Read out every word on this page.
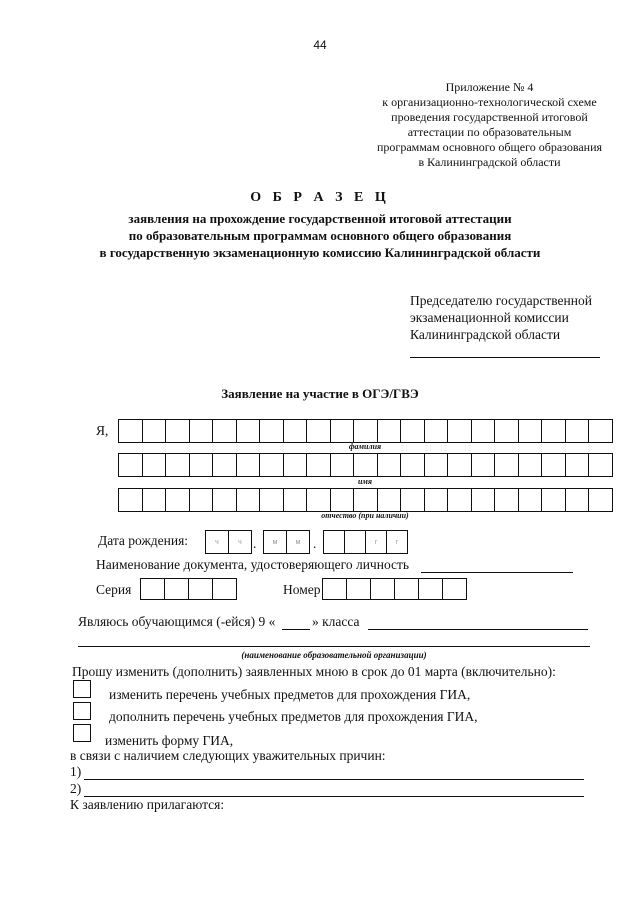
44
Приложение № 4
к организационно-технологической схеме
проведения государственной итоговой
аттестации по образовательным
программам основного общего образования
в Калининградской области
О Б Р А З Е Ц
заявления на прохождение государственной итоговой аттестации
по образовательным программам основного общего образования
в государственную экзаменационную комиссию Калининградской области
Председателю государственной
экзаменационной комиссии
Калининградской области
Заявление на участие в ОГЭ/ГВЭ
Я,
фамилия
имя
отчество (при наличии)
Дата рождения:	ч	ч .	м	м .	г	г
Наименование документа, удостоверяющего личность
Серия	Номер
Являюсь обучающимся (-ейся) 9 «	» класса
(наименование образовательной организации)
Прошу изменить (дополнить) заявленных мною в срок до 01 марта (включительно):
изменить перечень учебных предметов для прохождения ГИА,
дополнить перечень учебных предметов для прохождения ГИА,
изменить форму ГИА,
в связи с наличием следующих уважительных причин:
1)
2)
К заявлению прилагаются:
